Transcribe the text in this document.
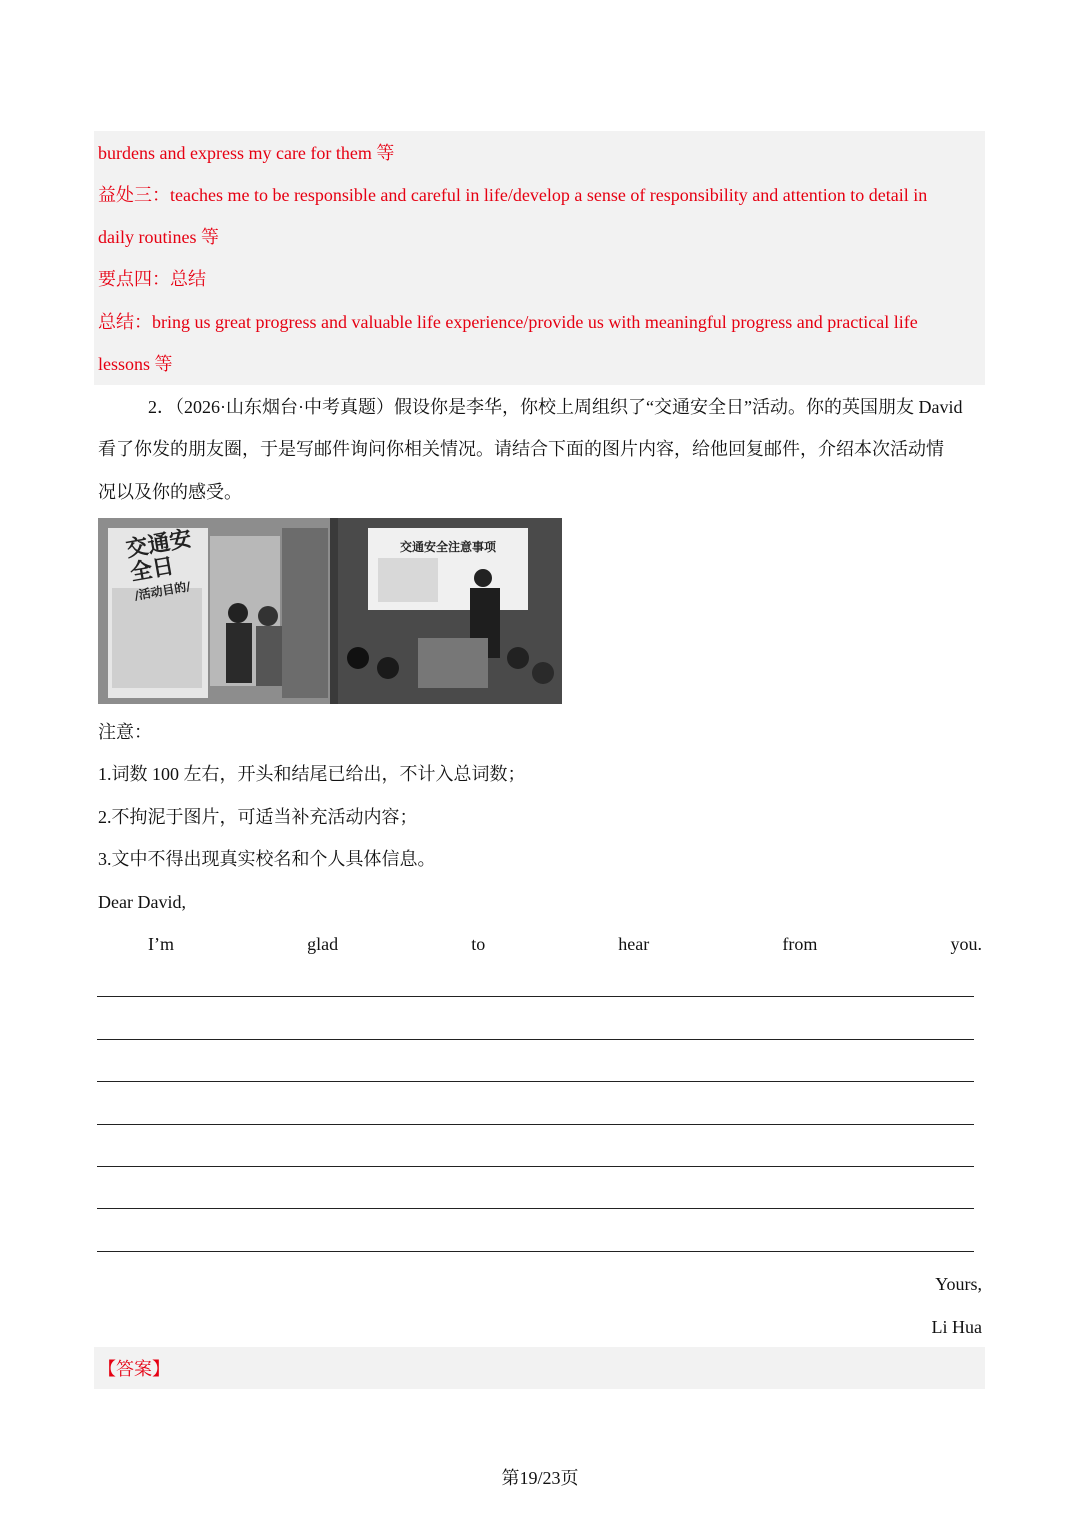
burdens and express my care for them 等
益处三：teaches me to be responsible and careful in life/develop a sense of responsibility and attention to detail in
daily routines 等
要点四：总结
总结：bring us great progress and valuable life experience/provide us with meaningful progress and practical life
lessons 等
2．（2026·山东烟台·中考真题）假设你是李华，你校上周组织了“交通安全日”活动。你的英国朋友 David
看了你发的朋友圈，于是写邮件询问你相关情况。请结合下面的图片内容，给他回复邮件，介绍本次活动情
况以及你的感受。
交通安全日
/活动目的/
交通安全注意事项
注意：
1.词数 100 左右，开头和结尾已给出，不计入总词数；
2.不拘泥于图片，可适当补充活动内容；
3.文中不得出现真实校名和个人具体信息。
Dear David,
I’m	glad	to	hear	from	you.
Yours,
Li Hua
【答案】
第19/23页
